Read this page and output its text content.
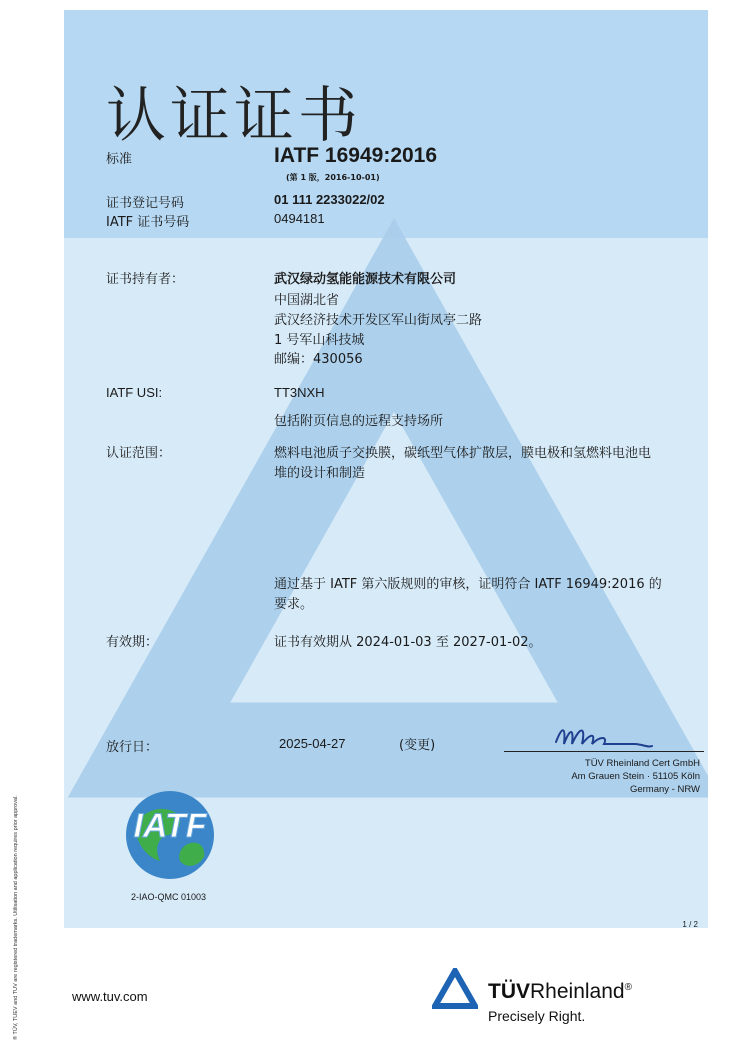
认证证书
标准	IATF 16949:2016
(第 1 版，2016-10-01)
证书登记号码	01 111 2233022/02
IATF 证书号码	0494181
证书持有者：	武汉绿动氢能能源技术有限公司
中国湖北省
武汉经济技术开发区军山街凤亭二路
1 号军山科技城
邮编：430056
IATF USI:	TT3NXH
包括附页信息的远程支持场所
认证范围：	燃料电池质子交换膜，碳纸型气体扩散层，膜电极和氢燃料电池电
堆的设计和制造
通过基于 IATF 第六版规则的审核，证明符合 IATF 16949:2016 的
要求。
有效期：	证书有效期从 2024-01-03 至 2027-01-02。
放行日：	2025-04-27	(变更)
TÜV Rheinland Cert GmbH
Am Grauen Stein · 51105 Köln
Germany - NRW
IATF
2-IAO-QMC 01003
1 / 2
® TÜV, TUEV and TUV are registered trademarks. Utilisation and application requires prior approval.	www.tuv.com	TÜVRheinland®
Precisely Right.
